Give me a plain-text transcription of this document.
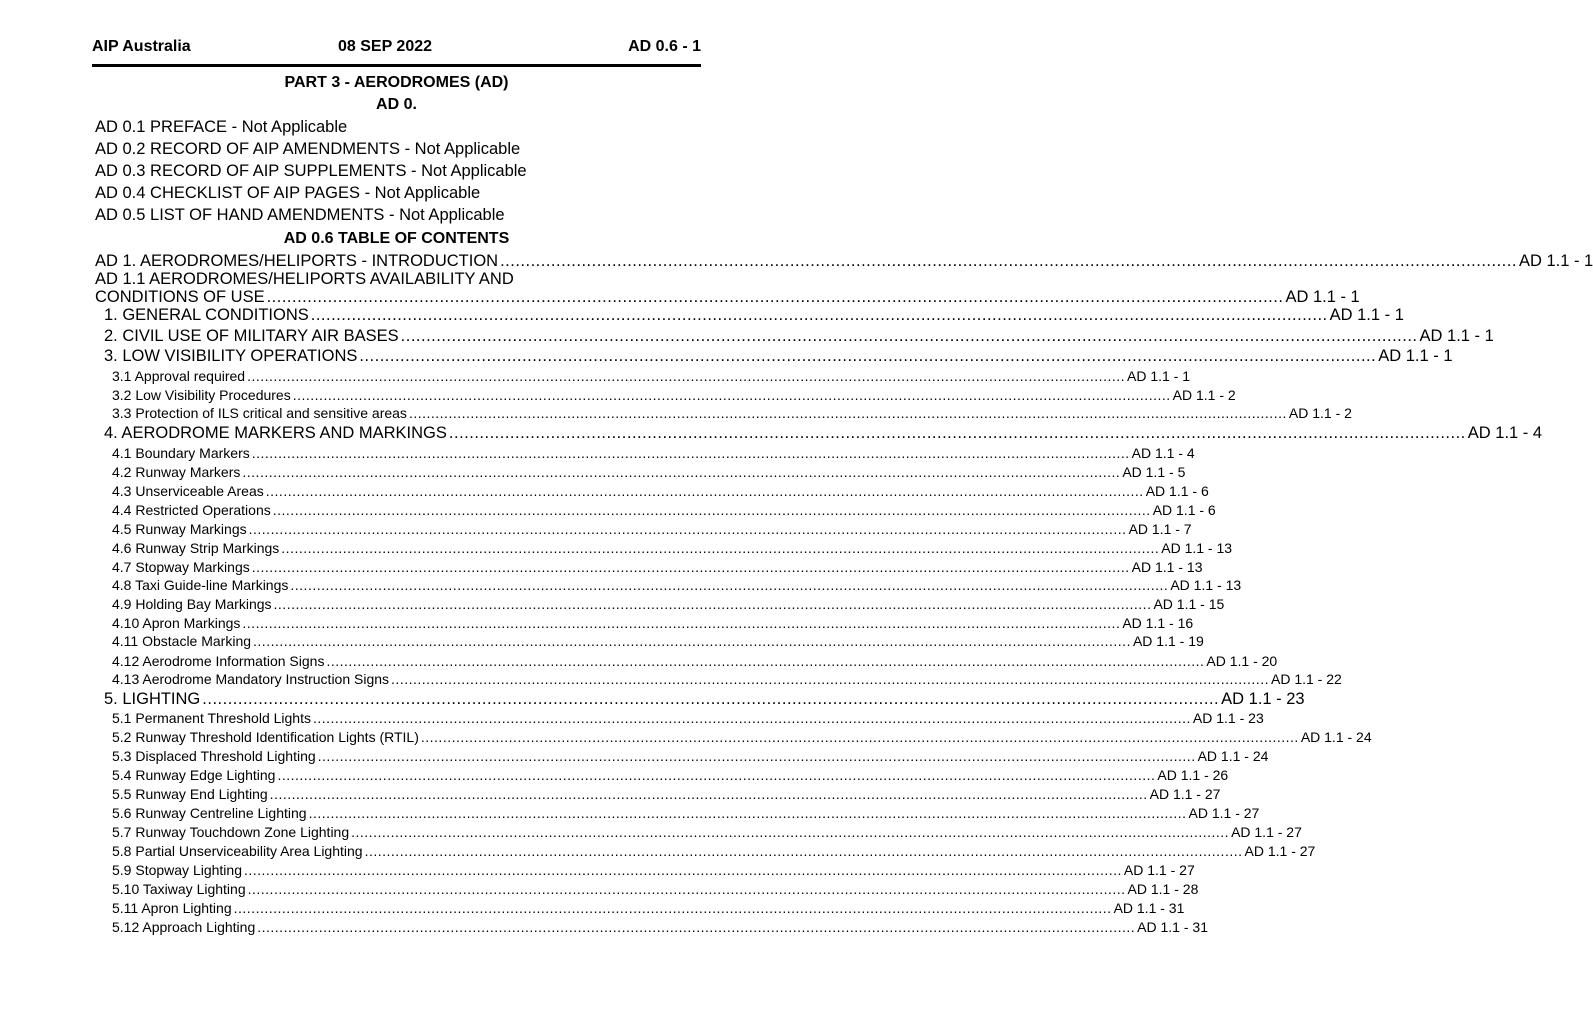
AIP Australia	08 SEP 2022	AD 0.6 - 1
PART 3 - AERODROMES (AD)
AD 0.
AD 0.1 PREFACE - Not Applicable
AD 0.2 RECORD OF AIP AMENDMENTS - Not Applicable
AD 0.3 RECORD OF AIP SUPPLEMENTS - Not Applicable
AD 0.4 CHECKLIST OF AIP PAGES - Not Applicable
AD 0.5 LIST OF HAND AMENDMENTS - Not Applicable
AD 0.6 TABLE OF CONTENTS
AD 1.1 AERODROMES/HELIPORTS AVAILABILITY AND
AD 1. AERODROMES/HELIPORTS - INTRODUCTION ........................................................................................................................................................................................................ AD 1.1 - 1
CONDITIONS OF USE ........................................................................................................................................................................................................ AD 1.1 - 1
1. GENERAL CONDITIONS ........................................................................................................................................................................................................ AD 1.1 - 1
2. CIVIL USE OF MILITARY AIR BASES ........................................................................................................................................................................................................ AD 1.1 - 1
3. LOW VISIBILITY OPERATIONS ........................................................................................................................................................................................................ AD 1.1 - 1
3.1 Approval required ........................................................................................................................................................................................................ AD 1.1 - 1
3.2 Low Visibility Procedures ........................................................................................................................................................................................................ AD 1.1 - 2
3.3 Protection of ILS critical and sensitive areas ........................................................................................................................................................................................................ AD 1.1 - 2
4. AERODROME MARKERS AND MARKINGS ........................................................................................................................................................................................................ AD 1.1 - 4
4.1 Boundary Markers ........................................................................................................................................................................................................ AD 1.1 - 4
4.2 Runway Markers ........................................................................................................................................................................................................ AD 1.1 - 5
4.3 Unserviceable Areas ........................................................................................................................................................................................................ AD 1.1 - 6
4.4 Restricted Operations ........................................................................................................................................................................................................ AD 1.1 - 6
4.5 Runway Markings ........................................................................................................................................................................................................ AD 1.1 - 7
4.6 Runway Strip Markings ........................................................................................................................................................................................................ AD 1.1 - 13
4.7 Stopway Markings ........................................................................................................................................................................................................ AD 1.1 - 13
4.8 Taxi Guide-line Markings ........................................................................................................................................................................................................ AD 1.1 - 13
4.9 Holding Bay Markings ........................................................................................................................................................................................................ AD 1.1 - 15
4.10 Apron Markings ........................................................................................................................................................................................................ AD 1.1 - 16
4.11 Obstacle Marking ........................................................................................................................................................................................................ AD 1.1 - 19
4.12 Aerodrome Information Signs ........................................................................................................................................................................................................ AD 1.1 - 20
4.13 Aerodrome Mandatory Instruction Signs ........................................................................................................................................................................................................ AD 1.1 - 22
5. LIGHTING ........................................................................................................................................................................................................ AD 1.1 - 23
5.1 Permanent Threshold Lights ........................................................................................................................................................................................................ AD 1.1 - 23
5.2 Runway Threshold Identification Lights (RTIL) ........................................................................................................................................................................................................ AD 1.1 - 24
5.3 Displaced Threshold Lighting ........................................................................................................................................................................................................ AD 1.1 - 24
5.4 Runway Edge Lighting ........................................................................................................................................................................................................ AD 1.1 - 26
5.5 Runway End Lighting ........................................................................................................................................................................................................ AD 1.1 - 27
5.6 Runway Centreline Lighting ........................................................................................................................................................................................................ AD 1.1 - 27
5.7 Runway Touchdown Zone Lighting ........................................................................................................................................................................................................ AD 1.1 - 27
5.8 Partial Unserviceability Area Lighting ........................................................................................................................................................................................................ AD 1.1 - 27
5.9 Stopway Lighting ........................................................................................................................................................................................................ AD 1.1 - 27
5.10 Taxiway Lighting ........................................................................................................................................................................................................ AD 1.1 - 28
5.11 Apron Lighting ........................................................................................................................................................................................................ AD 1.1 - 31
5.12 Approach Lighting ........................................................................................................................................................................................................ AD 1.1 - 31
